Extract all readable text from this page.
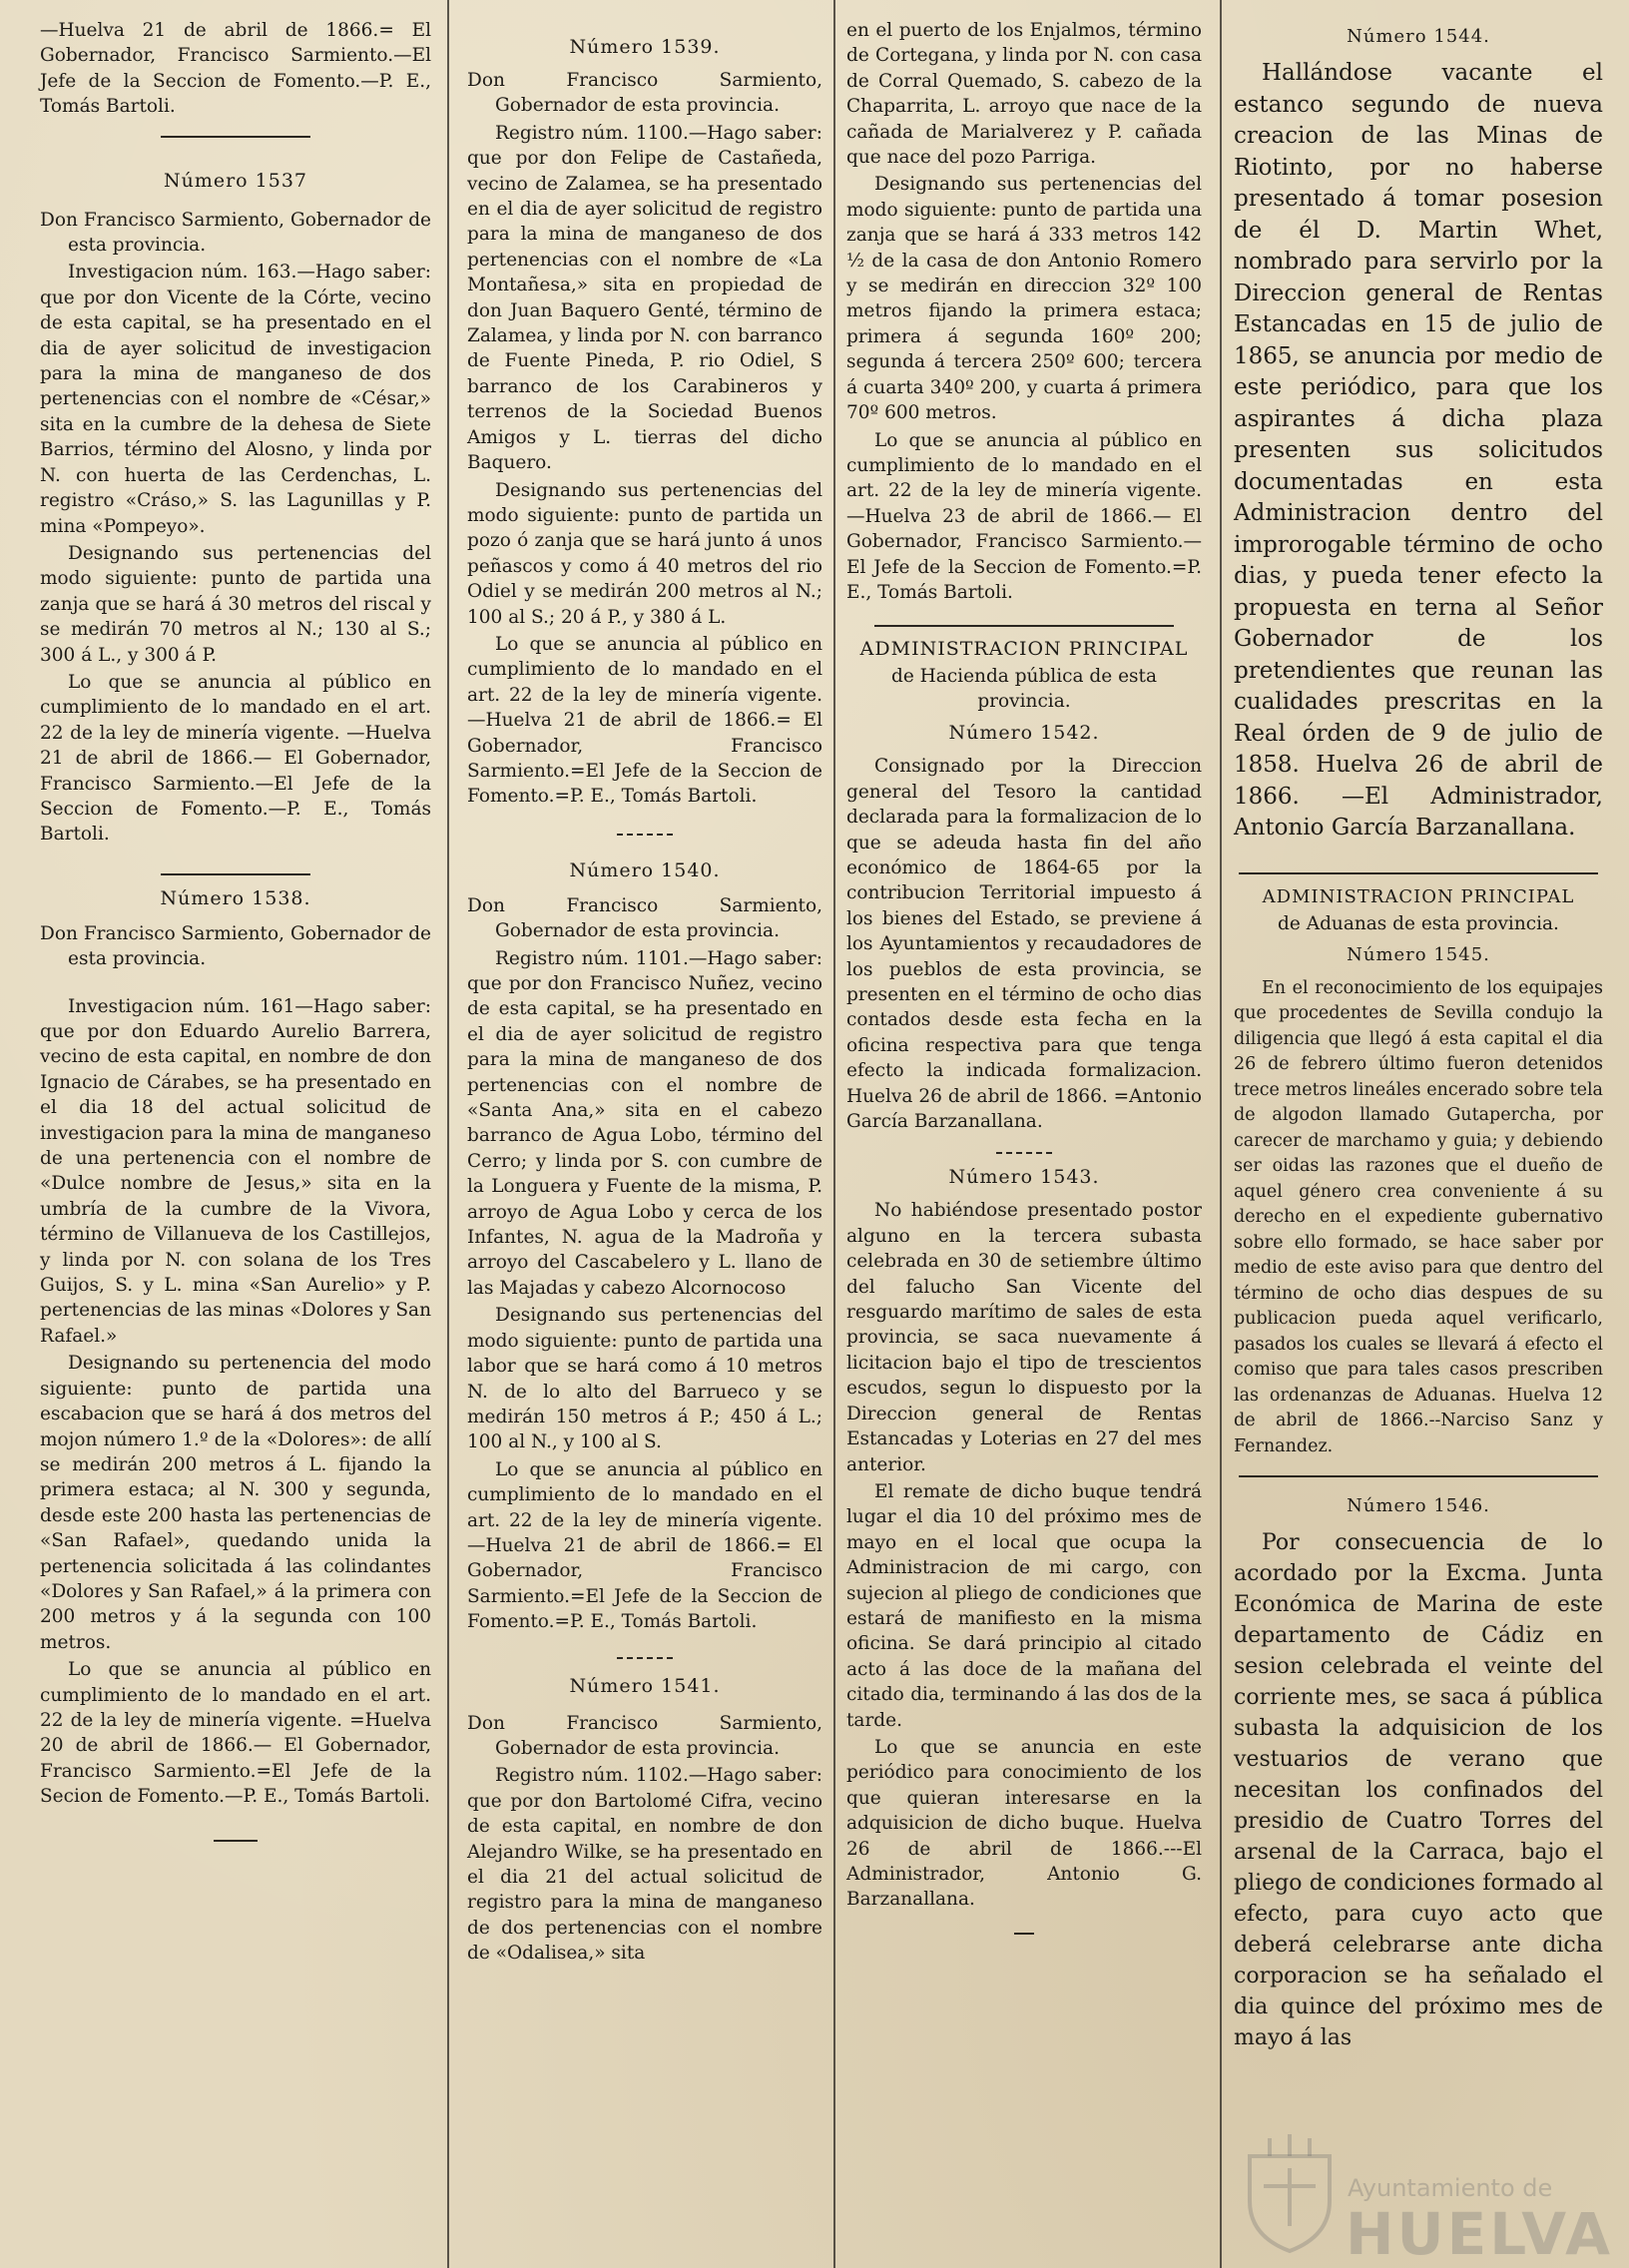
—Huelva 21 de abril de 1866.= El Gobernador, Francisco Sarmiento.—El Jefe de la Seccion de Fomento.—P. E., Tomás Bartoli.

Número 1537

Don Francisco Sarmiento, Gobernador de esta provincia.

Investigacion núm. 163.—Hago saber: que por don Vicente de la Córte, vecino de esta capital, se ha presentado en el dia de ayer solicitud de investigacion para la mina de manganeso de dos pertenencias con el nombre de «César,» sita en la cumbre de la dehesa de Siete Barrios, término del Alosno, y linda por N. con huerta de las Cerdenchas, L. registro «Cráso,» S. las Lagunillas y P. mina «Pompeyo».

Designando sus pertenencias del modo siguiente: punto de partida una zanja que se hará á 30 metros del riscal y se medirán 70 metros al N.; 130 al S.; 300 á L., y 300 á P.

Lo que se anuncia al público en cumplimiento de lo mandado en el art. 22 de la ley de minería vigente. —Huelva 21 de abril de 1866.— El Gobernador, Francisco Sarmiento.—El Jefe de la Seccion de Fomento.—P. E., Tomás Bartoli.

Número 1538.

Don Francisco Sarmiento, Gobernador de esta provincia.

Investigacion núm. 161—Hago saber: que por don Eduardo Aurelio Barrera, vecino de esta capital, en nombre de don Ignacio de Cárabes, se ha presentado en el dia 18 del actual solicitud de investigacion para la mina de manganeso de una pertenencia con el nombre de «Dulce nombre de Jesus,» sita en la umbría de la cumbre de la Vivora, término de Villanueva de los Castillejos, y linda por N. con solana de los Tres Guijos, S. y L. mina «San Aurelio» y P. pertenencias de las minas «Dolores y San Rafael.»

Designando su pertenencia del modo siguiente: punto de partida una escabacion que se hará á dos metros del mojon número 1.º de la «Dolores»: de allí se medirán 200 metros á L. fijando la primera estaca; al N. 300 y segunda, desde este 200 hasta las pertenencias de «San Rafael», quedando unida la pertenencia solicitada á las colindantes «Dolores y San Rafael,» á la primera con 200 metros y á la segunda con 100 metros.

Lo que se anuncia al público en cumplimiento de lo mandado en el art. 22 de la ley de minería vigente. =Huelva 20 de abril de 1866.— El Gobernador, Francisco Sarmiento.=El Jefe de la Secion de Fomento.—P. E., Tomás Bartoli.

Número 1539.

Don Francisco Sarmiento, Gobernador de esta provincia.

Registro núm. 1100.—Hago saber: que por don Felipe de Castañeda, vecino de Zalamea, se ha presentado en el dia de ayer solicitud de registro para la mina de manganeso de dos pertenencias con el nombre de «La Montañesa,» sita en propiedad de don Juan Baquero Genté, término de Zalamea, y linda por N. con barranco de Fuente Pineda, P. rio Odiel, S barranco de los Carabineros y terrenos de la Sociedad Buenos Amigos y L. tierras del dicho Baquero.

Designando sus pertenencias del modo siguiente: punto de partida un pozo ó zanja que se hará junto á unos peñascos y como á 40 metros del rio Odiel y se medirán 200 metros al N.; 100 al S.; 20 á P., y 380 á L.

Lo que se anuncia al público en cumplimiento de lo mandado en el art. 22 de la ley de minería vigente. —Huelva 21 de abril de 1866.= El Gobernador, Francisco Sarmiento.=El Jefe de la Seccion de Fomento.=P. E., Tomás Bartoli.

Número 1540.

Don Francisco Sarmiento, Gobernador de esta provincia.

Registro núm. 1101.—Hago saber: que por don Francisco Nuñez, vecino de esta capital, se ha presentado en el dia de ayer solicitud de registro para la mina de manganeso de dos pertenencias con el nombre de «Santa Ana,» sita en el cabezo barranco de Agua Lobo, término del Cerro; y linda por S. con cumbre de la Longuera y Fuente de la misma, P. arroyo de Agua Lobo y cerca de los Infantes, N. agua de la Madroña y arroyo del Cascabelero y L. llano de las Majadas y cabezo Alcornocoso

Designando sus pertenencias del modo siguiente: punto de partida una labor que se hará como á 10 metros N. de lo alto del Barrueco y se medirán 150 metros á P.; 450 á L.; 100 al N., y 100 al S.

Lo que se anuncia al público en cumplimiento de lo mandado en el art. 22 de la ley de minería vigente. —Huelva 21 de abril de 1866.= El Gobernador, Francisco Sarmiento.=El Jefe de la Seccion de Fomento.=P. E., Tomás Bartoli.

Número 1541.

Don Francisco Sarmiento, Gobernador de esta provincia.

Registro núm. 1102.—Hago saber: que por don Bartolomé Cifra, vecino de esta capital, en nombre de don Alejandro Wilke, se ha presentado en el dia 21 del actual solicitud de registro para la mina de manganeso de dos pertenencias con el nombre de «Odalisea,» sita

en el puerto de los Enjalmos, término de Cortegana, y linda por N. con casa de Corral Quemado, S. cabezo de la Chaparrita, L. arroyo que nace de la cañada de Marialverez y P. cañada que nace del pozo Parriga.

Designando sus pertenencias del modo siguiente: punto de partida una zanja que se hará á 333 metros 142 ½ de la casa de don Antonio Romero y se medirán en direccion 32º 100 metros fijando la primera estaca; primera á segunda 160º 200; segunda á tercera 250º 600; tercera á cuarta 340º 200, y cuarta á primera 70º 600 metros.

Lo que se anuncia al público en cumplimiento de lo mandado en el art. 22 de la ley de minería vigente. —Huelva 23 de abril de 1866.— El Gobernador, Francisco Sarmiento.—El Jefe de la Seccion de Fomento.=P. E., Tomás Bartoli.

ADMINISTRACION PRINCIPAL
de Hacienda pública de esta provincia.
Número 1542.

Consignado por la Direccion general del Tesoro la cantidad declarada para la formalizacion de lo que se adeuda hasta fin del año económico de 1864-65 por la contribucion Territorial impuesto á los bienes del Estado, se previene á los Ayuntamientos y recaudadores de los pueblos de esta provincia, se presenten en el término de ocho dias contados desde esta fecha en la oficina respectiva para que tenga efecto la indicada formalizacion. Huelva 26 de abril de 1866. =Antonio García Barzanallana.

Número 1543.

No habiéndose presentado postor alguno en la tercera subasta celebrada en 30 de setiembre último del falucho San Vicente del resguardo marítimo de sales de esta provincia, se saca nuevamente á licitacion bajo el tipo de trescientos escudos, segun lo dispuesto por la Direccion general de Rentas Estancadas y Loterias en 27 del mes anterior.

El remate de dicho buque tendrá lugar el dia 10 del próximo mes de mayo en el local que ocupa la Administracion de mi cargo, con sujecion al pliego de condiciones que estará de manifiesto en la misma oficina. Se dará principio al citado acto á las doce de la mañana del citado dia, terminando á las dos de la tarde.

Lo que se anuncia en este periódico para conocimiento de los que quieran interesarse en la adquisicion de dicho buque. Huelva 26 de abril de 1866.---El Administrador, Antonio G. Barzanallana.

Número 1544.

Hallándose vacante el estanco segundo de nueva creacion de las Minas de Riotinto, por no haberse presentado á tomar posesion de él D. Martin Whet, nombrado para servirlo por la Direccion general de Rentas Estancadas en 15 de julio de 1865, se anuncia por medio de este periódico, para que los aspirantes á dicha plaza presenten sus solicitudos documentadas en esta Administracion dentro del improrogable término de ocho dias, y pueda tener efecto la propuesta en terna al Señor Gobernador de los pretendientes que reunan las cualidades prescritas en la Real órden de 9 de julio de 1858. Huelva 26 de abril de 1866. —El Administrador, Antonio García Barzanallana.

ADMINISTRACION PRINCIPAL
de Aduanas de esta provincia.
Número 1545.

En el reconocimiento de los equipajes que procedentes de Sevilla condujo la diligencia que llegó á esta capital el dia 26 de febrero último fueron detenidos trece metros lineáles encerado sobre tela de algodon llamado Gutapercha, por carecer de marchamo y guia; y debiendo ser oidas las razones que el dueño de aquel género crea conveniente á su derecho en el expediente gubernativo sobre ello formado, se hace saber por medio de este aviso para que dentro del término de ocho dias despues de su publicacion pueda aquel verificarlo, pasados los cuales se llevará á efecto el comiso que para tales casos prescriben las ordenanzas de Aduanas. Huelva 12 de abril de 1866.--Narciso Sanz y Fernandez.

Número 1546.

Por consecuencia de lo acordado por la Excma. Junta Económica de Marina de este departamento de Cádiz en sesion celebrada el veinte del corriente mes, se saca á pública subasta la adquisicion de los vestuarios de verano que necesitan los confinados del presidio de Cuatro Torres del arsenal de la Carraca, bajo el pliego de condiciones formado al efecto, para cuyo acto que deberá celebrarse ante dicha corporacion se ha señalado el dia quince del próximo mes de mayo á las

Ayuntamiento de
HUELVA
